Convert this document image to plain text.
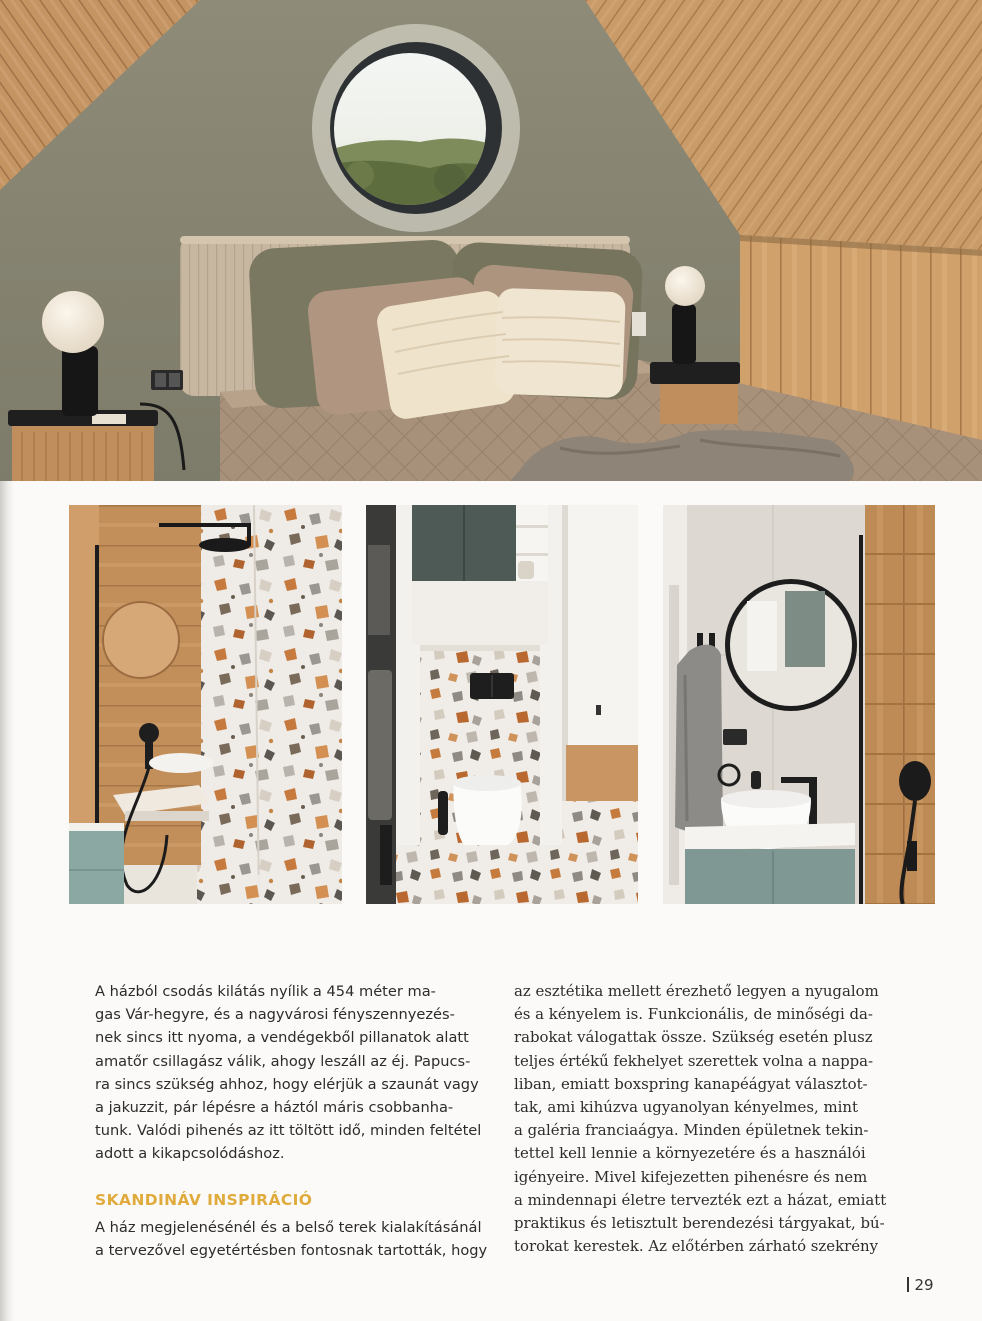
A házból csodás kilátás nyílik a 454 méter ma-
gas Vár-hegyre, és a nagyvárosi fényszennyezés-
nek sincs itt nyoma, a vendégekből pillanatok alatt
amatőr csillagász válik, ahogy leszáll az éj. Papucs-
ra sincs szükség ahhoz, hogy elérjük a szaunát vagy
a jakuzzit, pár lépésre a háztól máris csobbanha-
tunk. Valódi pihenés az itt töltött idő, minden feltétel
adott a kikapcsolódáshoz.
SKANDINÁV INSPIRÁCIÓ
A ház megjelenésénél és a belső terek kialakításánál
a tervezővel egyetértésben fontosnak tartották, hogy
az esztétika mellett érezhető legyen a nyugalom
és a kényelem is. Funkcionális, de minőségi da-
rabokat válogattak össze. Szükség esetén plusz
teljes értékű fekhelyet szerettek volna a nappa-
liban, emiatt boxspring kanapéágyat választot-
tak, ami kihúzva ugyanolyan kényelmes, mint
a galéria franciaágya. Minden épületnek tekin-
tettel kell lennie a környezetére és a használói
igényeire. Mivel kifejezetten pihenésre és nem
a mindennapi életre tervezték ezt a házat, emiatt
praktikus és letisztult berendezési tárgyakat, bú-
torokat kerestek. Az előtérben zárható szekrény
29
